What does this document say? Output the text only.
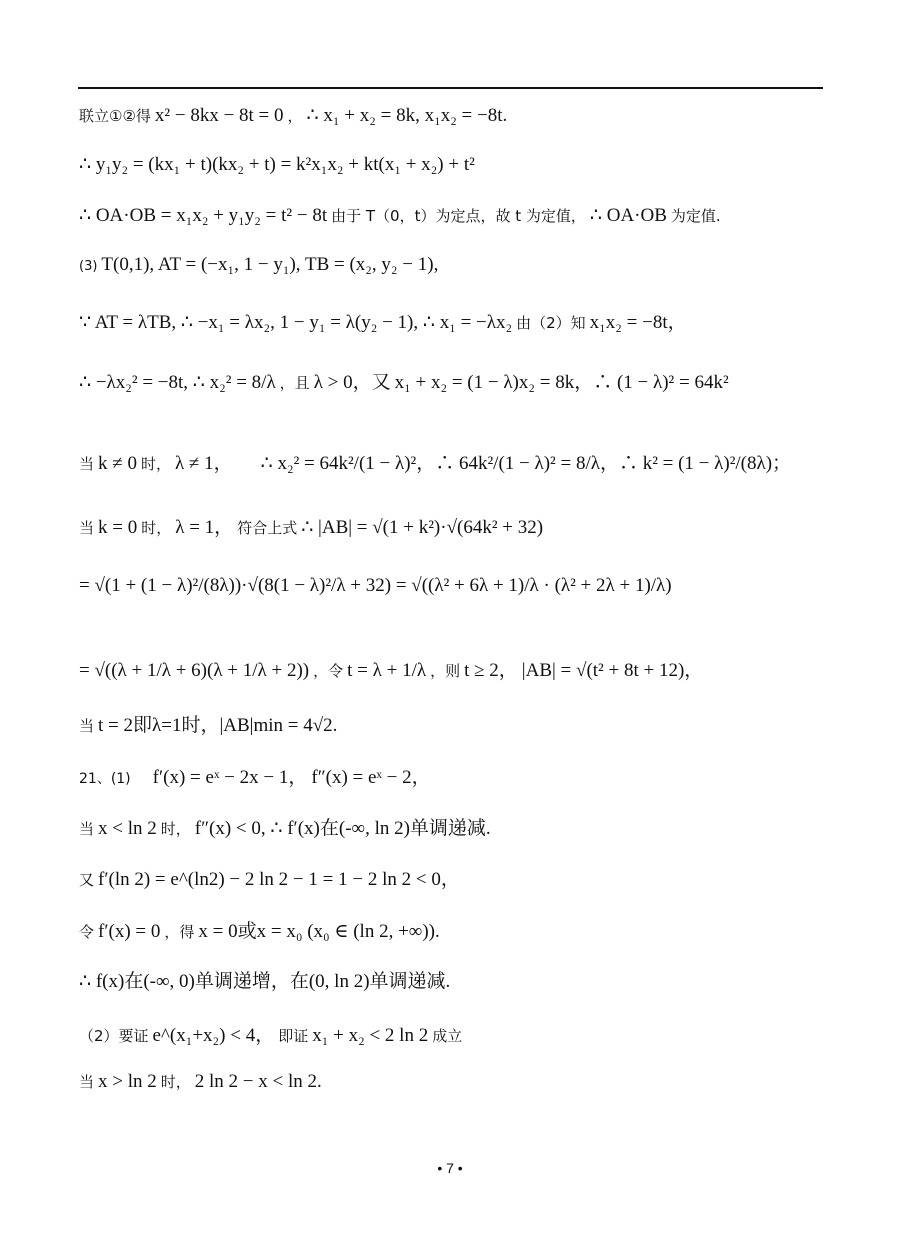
联立①②得 x² − 8kx − 8t = 0 ， ∴ x₁ + x₂ = 8k, x₁x₂ = −8t.
∴ y₁y₂ = (kx₁ + t)(kx₂ + t) = k²x₁x₂ + kt(x₁ + x₂) + t²
∴ OA·OB = x₁x₂ + y₁y₂ = t² − 8t 由于 T（0，t）为定点，故 t 为定值， ∴ OA·OB 为定值.
(3) T(0,1), AT = (−x₁, 1 − y₁), TB = (x₂, y₂ − 1),
∵ AT = λTB, ∴ −x₁ = λx₂, 1 − y₁ = λ(y₂ − 1), ∴ x₁ = −λx₂ 由（2）知 x₁x₂ = −8t，
∴ −λx₂² = −8t, ∴ x₂² = 8/λ ，且 λ > 0，又 x₁ + x₂ = (1 − λ)x₂ = 8k，∴ (1 − λ)² = 64k²
当 k ≠ 0 时， λ ≠ 1， ∴ x₂² = 64k²/(1 − λ)²，∴ 64k²/(1 − λ)² = 8/λ，∴ k² = (1 − λ)²/(8λ)；
当 k = 0 时， λ = 1， 符合上式 ∴ |AB| = √(1 + k²)·√(64k² + 32)
= √(1 + (1 − λ)²/(8λ))·√(8(1 − λ)²/λ + 32) = √((λ² + 6λ + 1)/λ · (λ² + 2λ + 1)/λ)
= √((λ + 1/λ + 6)(λ + 1/λ + 2)) ，令 t = λ + 1/λ ，则 t ≥ 2， |AB| = √(t² + 8t + 12)，
当 t = 2即λ=1时，|AB|min = 4√2.
21、(1) f′(x) = eˣ − 2x − 1， f″(x) = eˣ − 2，
当 x < ln 2 时， f″(x) < 0, ∴ f′(x)在(-∞, ln 2)单调递减.
又 f′(ln 2) = e^(ln2) − 2 ln 2 − 1 = 1 − 2 ln 2 < 0，
令 f′(x) = 0 ，得 x = 0或x = x₀ (x₀ ∈ (ln 2, +∞)).
∴ f(x)在(-∞, 0)单调递增，在(0, ln 2)单调递减.
（2）要证 e^(x₁+x₂) < 4， 即证 x₁ + x₂ < 2 ln 2 成立
当 x > ln 2 时， 2 ln 2 − x < ln 2.
• 7 •
